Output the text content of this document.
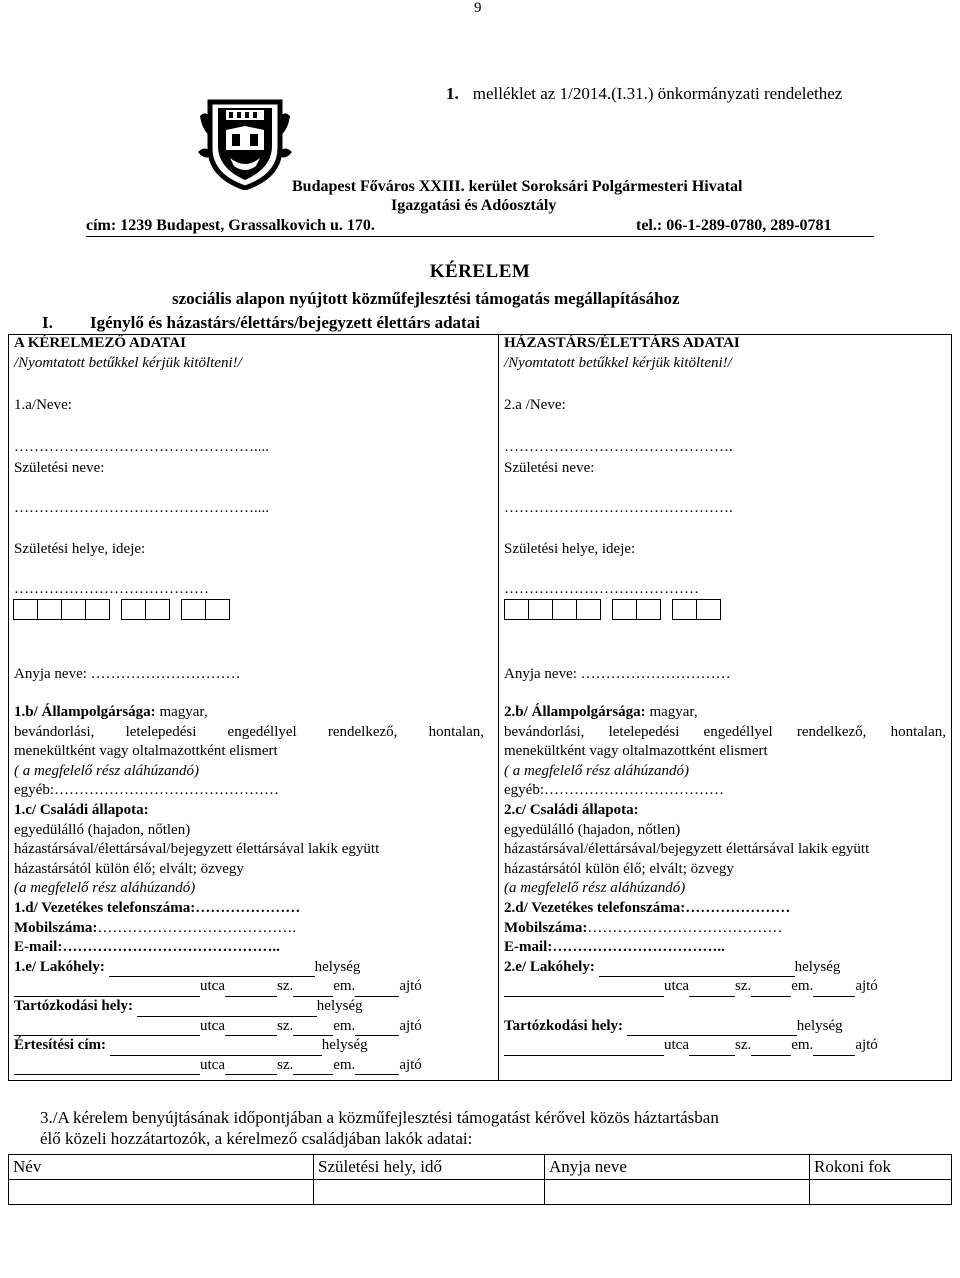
9
1. melléklet az 1/2014.(I.31.) önkormányzati rendelethez
Budapest Főváros XXIII. kerület Soroksári Polgármesteri Hivatal
Igazgatási és Adóosztály
cím: 1239 Budapest, Grassalkovich u. 170.	tel.: 06-1-289-0780, 289-0781
KÉRELEM
szociális alapon nyújtott közműfejlesztési támogatás megállapításához
I. Igénylő és házastárs/élettárs/bejegyzett élettárs adatai
A KÉRELMEZŐ ADATAI
/Nyomtatott betűkkel kérjük kitölteni!/
1.a/Neve:
…………………………………………....
Születési neve:
…………………………………………....
Születési helye, ideje:
…………………………………
Anyja neve: …………………………
1.b/ Állampolgársága: magyar,
bevándorlási, letelepedési engedéllyel rendelkező, hontalan,
menekültként vagy oltalmazottként elismert
( a megfelelő rész aláhúzandó)
egyéb:………………………………………
1.c/ Családi állapota:
egyedülálló (hajadon, nőtlen)
házastársával/élettársával/bejegyzett élettársával lakik együtt
házastársától külön élő; elvált; özvegy
(a megfelelő rész aláhúzandó)
1.d/ Vezetékes telefonszáma:…………………
Mobilszáma:………………………………….
E-mail:……………………………………..
1.e/ Lakóhely:	helység
utca	sz.	em.	ajtó
Tartózkodási hely:	helység
utca	sz.	em.	ajtó
Értesítési cím:	helység
utca	sz.	em.	ajtó
HÁZASTÁRS/ÉLETTÁRS ADATAI
/Nyomtatott betűkkel kérjük kitölteni!/
2.a /Neve:
……………………………………….
Születési neve:
……………………………………….
Születési helye, ideje:
…………………………………
Anyja neve: …………………………
2.b/ Állampolgársága: magyar,
bevándorlási, letelepedési engedéllyel rendelkező, hontalan,
menekültként vagy oltalmazottként elismert
( a megfelelő rész aláhúzandó)
egyéb:………………………………
2.c/ Családi állapota:
egyedülálló (hajadon, nőtlen)
házastársával/élettársával/bejegyzett élettársával lakik együtt
házastársától külön élő; elvált; özvegy
(a megfelelő rész aláhúzandó)
2.d/ Vezetékes telefonszáma:…………………
Mobilszáma:…………………………………
E-mail:……………………………..
2.e/ Lakóhely:	helység
utca	sz.	em.	ajtó
Tartózkodási hely:	helység
utca	sz.	em.	ajtó
3./A kérelem benyújtásának időpontjában a közműfejlesztési támogatást kérővel közös háztartásban
élő közeli hozzátartozók, a kérelmező családjában lakók adatai:
Név	Születési hely, idő	Anyja neve	Rokoni fok
